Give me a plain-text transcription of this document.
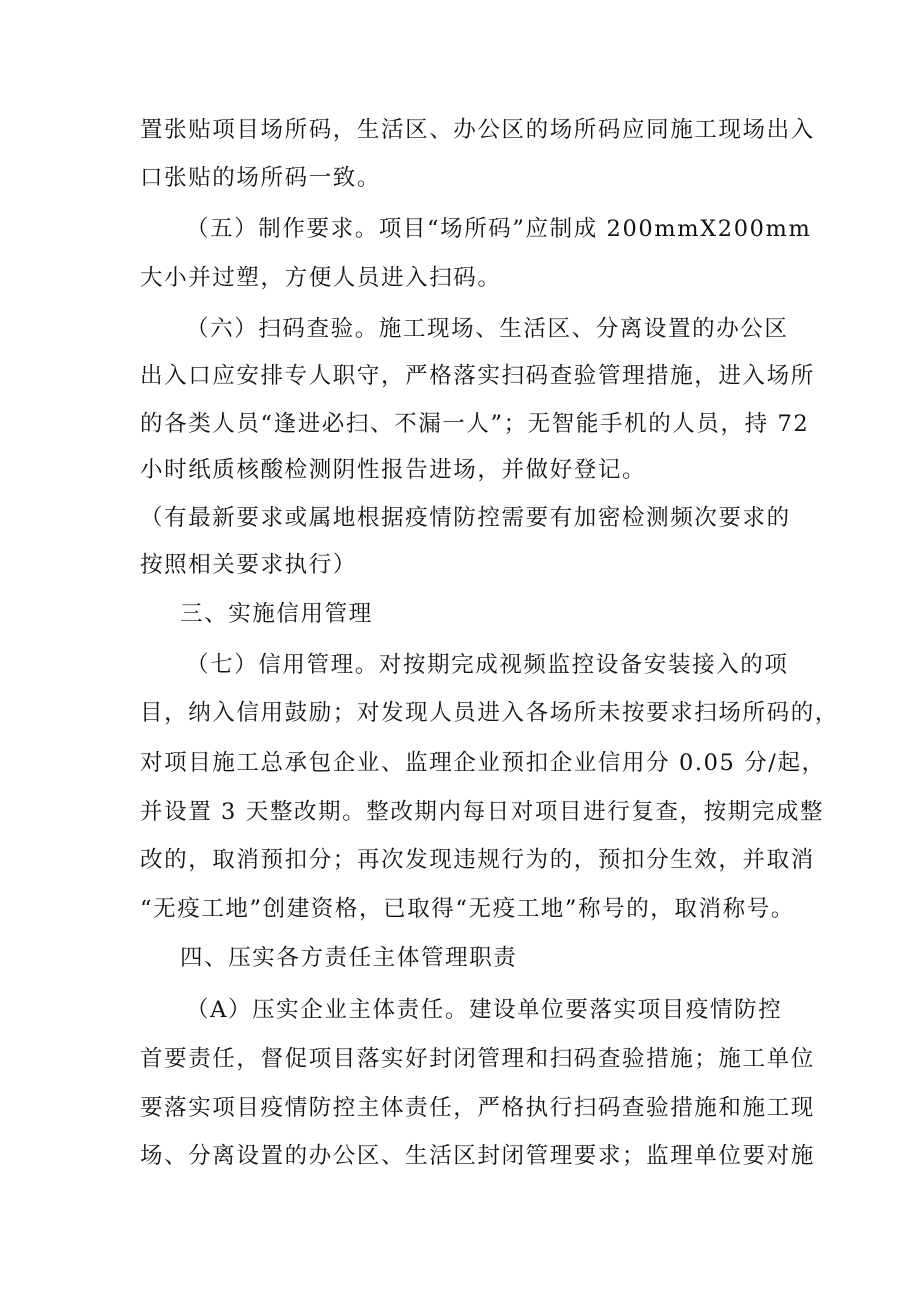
置张贴项目场所码，生活区、办公区的场所码应同施工现场出入
口张贴的场所码一致。
（五）制作要求。项目“场所码”应制成 200mmX200mm
大小并过塑，方便人员进入扫码。
（六）扫码查验。施工现场、生活区、分离设置的办公区
出入口应安排专人职守，严格落实扫码查验管理措施，进入场所
的各类人员“逢进必扫、不漏一人”；无智能手机的人员，持 72
小时纸质核酸检测阴性报告进场，并做好登记。
（有最新要求或属地根据疫情防控需要有加密检测频次要求的
按照相关要求执行）
三、实施信用管理
（七）信用管理。对按期完成视频监控设备安装接入的项
目，纳入信用鼓励；对发现人员进入各场所未按要求扫场所码的，
对项目施工总承包企业、监理企业预扣企业信用分 0.05 分/起，
并设置 3 天整改期。整改期内每日对项目进行复查，按期完成整
改的，取消预扣分；再次发现违规行为的，预扣分生效，并取消
“无疫工地”创建资格，已取得“无疫工地”称号的，取消称号。
四、压实各方责任主体管理职责
（A）压实企业主体责任。建设单位要落实项目疫情防控
首要责任，督促项目落实好封闭管理和扫码查验措施；施工单位
要落实项目疫情防控主体责任，严格执行扫码查验措施和施工现
场、分离设置的办公区、生活区封闭管理要求；监理单位要对施
